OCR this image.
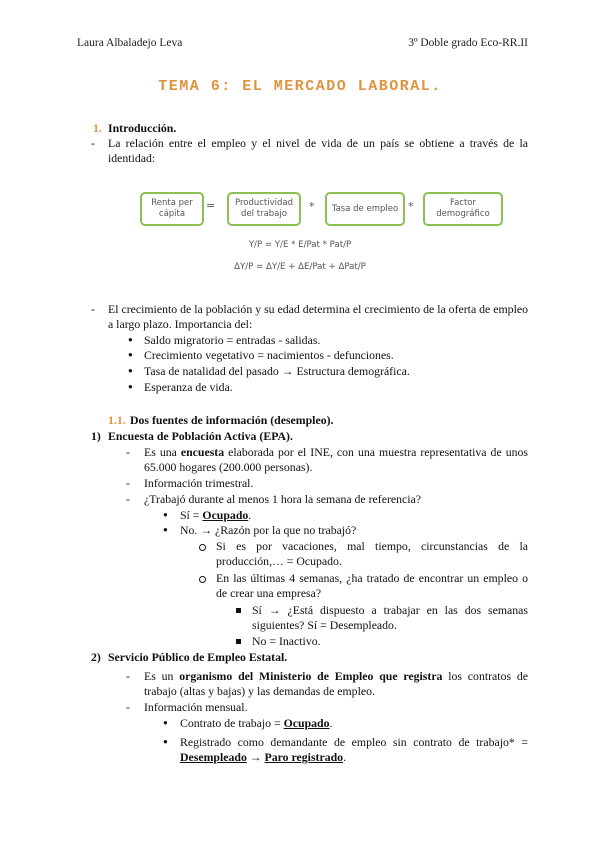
Laura Albaladejo Leva	3º Doble grado Eco-RR.II
TEMA 6: EL MERCADO LABORAL.
1. Introducción.
- La relación entre el empleo y el nivel de vida de un país se obtiene a través de la identidad:
Renta per cápita
=	Productividad del trabajo
*	Tasa de empleo *	Factor demográfico
Y/P = Y/E * E/Pat * Pat/P
ΔY/P = ΔY/E + ΔE/Pat + ΔPat/P
- El crecimiento de la población y su edad determina el crecimiento de la oferta de empleo a largo plazo. Importancia del:
● Saldo migratorio = entradas - salidas.
● Crecimiento vegetativo = nacimientos - defunciones.
● Tasa de natalidad del pasado → Estructura demográfica.
● Esperanza de vida.
1.1. Dos fuentes de información (desempleo).
1) Encuesta de Población Activa (EPA).
- Es una encuesta elaborada por el INE, con una muestra representativa de unos 65.000 hogares (200.000 personas).
- Información trimestral.
- ¿Trabajó durante al menos 1 hora la semana de referencia?
● Sí = Ocupado.
● No. → ¿Razón por la que no trabajó?
Si es por vacaciones, mal tiempo, circunstancias de la producción,… = Ocupado.
En las últimas 4 semanas, ¿ha tratado de encontrar un empleo o de crear una empresa?
Sí → ¿Está dispuesto a trabajar en las dos semanas siguientes? Sí = Desempleado.
No = Inactivo.
2) Servicio Público de Empleo Estatal.
- Es un organismo del Ministerio de Empleo que registra los contratos de trabajo (altas y bajas) y las demandas de empleo.
- Información mensual.
● Contrato de trabajo = Ocupado.
● Registrado como demandante de empleo sin contrato de trabajo* = Desempleado → Paro registrado.
